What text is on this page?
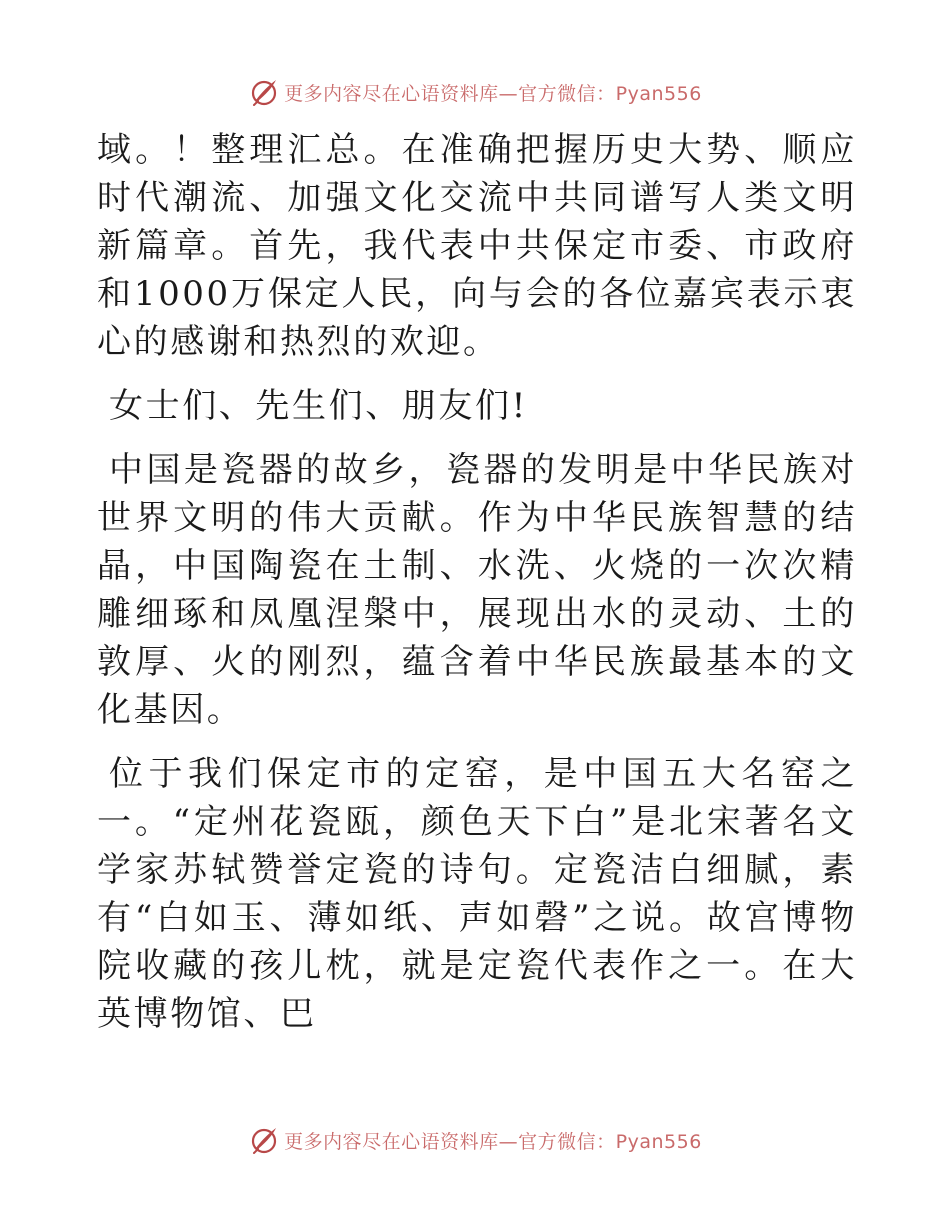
更多内容尽在心语资料库—官方微信：Pyan556

域。！整理汇总。在准确把握历史大势、顺应时代潮流、加强文化交流中共同谱写人类文明新篇章。首先，我代表中共保定市委、市政府和1000万保定人民，向与会的各位嘉宾表示衷心的感谢和热烈的欢迎。

女士们、先生们、朋友们!

中国是瓷器的故乡，瓷器的发明是中华民族对世界文明的伟大贡献。作为中华民族智慧的结晶，中国陶瓷在土制、水洗、火烧的一次次精雕细琢和凤凰涅槃中，展现出水的灵动、土的敦厚、火的刚烈，蕴含着中华民族最基本的文化基因。

位于我们保定市的定窑，是中国五大名窑之一。“定州花瓷瓯，颜色天下白”是北宋著名文学家苏轼赞誉定瓷的诗句。定瓷洁白细腻，素有“白如玉、薄如纸、声如磬”之说。故宫博物院收藏的孩儿枕，就是定瓷代表作之一。在大英博物馆、巴

更多内容尽在心语资料库—官方微信：Pyan556
